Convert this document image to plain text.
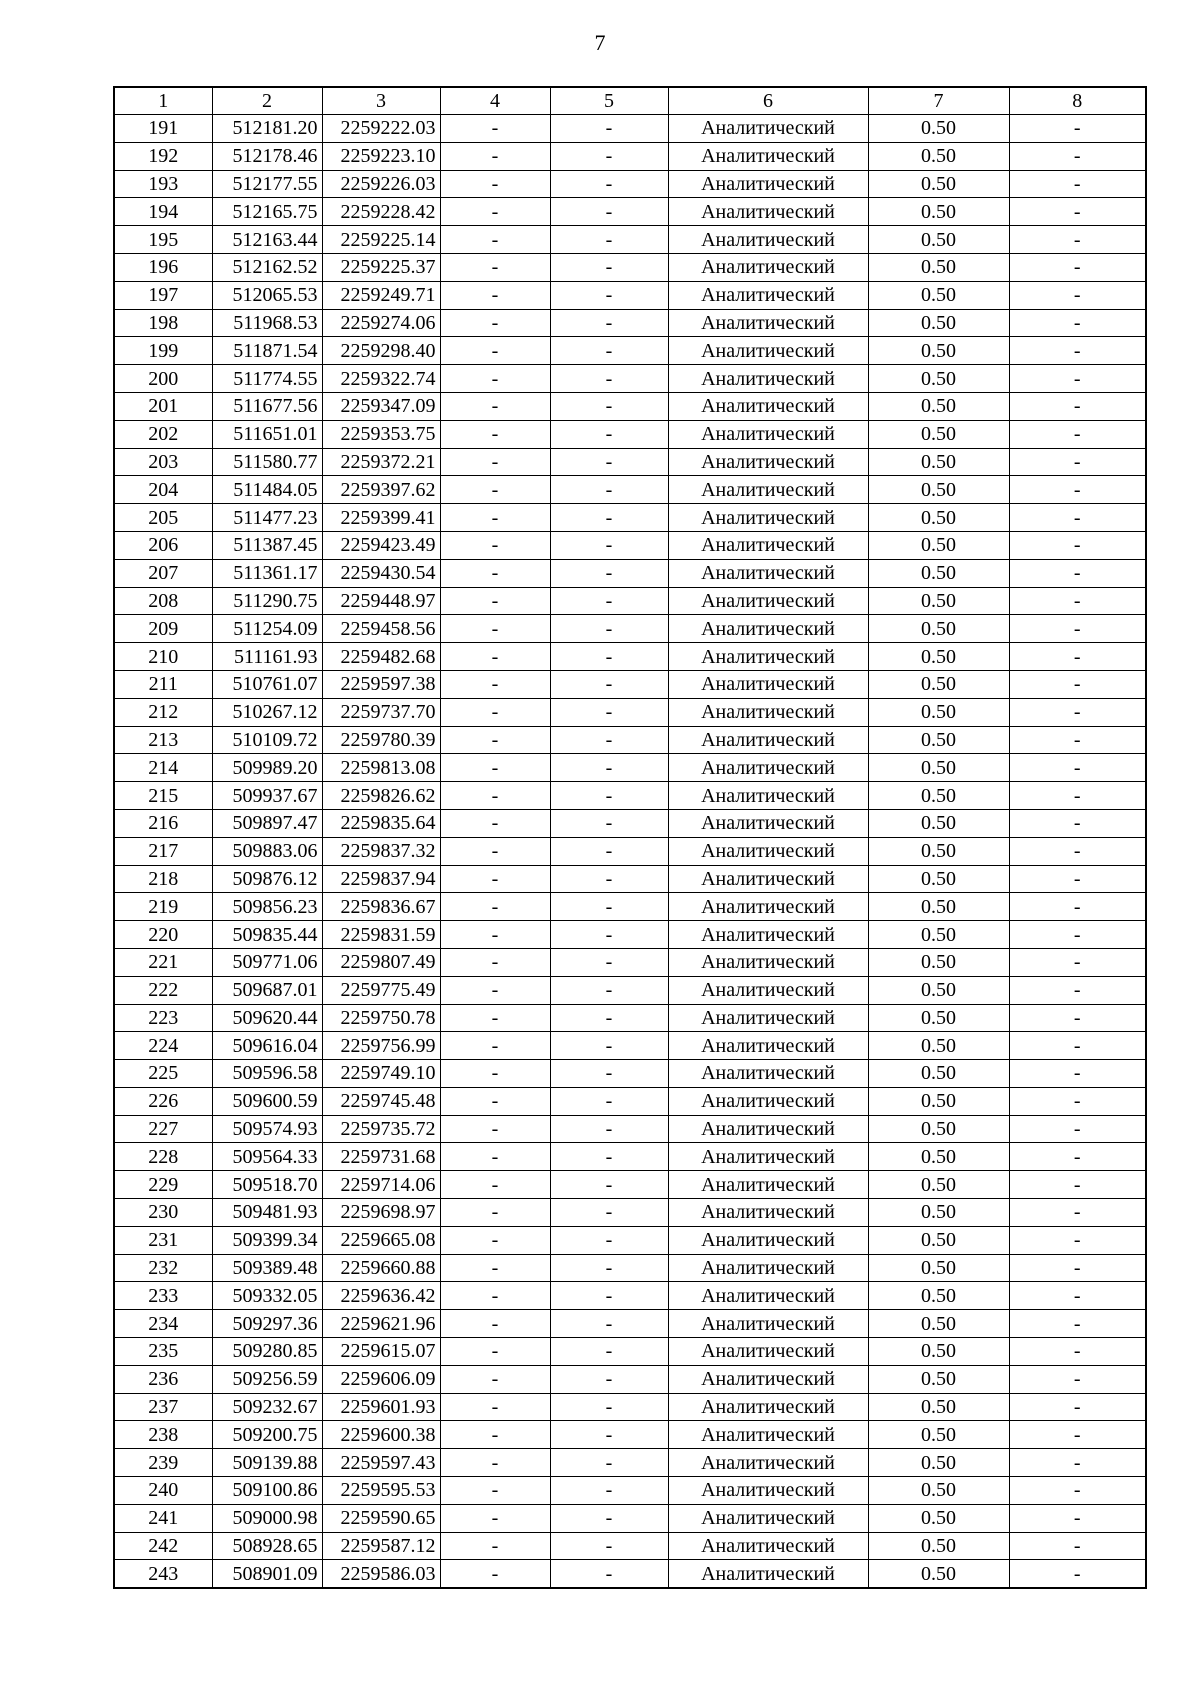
7
1	2	3	4	5	6	7	8
191	512181.20	2259222.03	-	-	Аналитический	0.50	-
192	512178.46	2259223.10	-	-	Аналитический	0.50	-
193	512177.55	2259226.03	-	-	Аналитический	0.50	-
194	512165.75	2259228.42	-	-	Аналитический	0.50	-
195	512163.44	2259225.14	-	-	Аналитический	0.50	-
196	512162.52	2259225.37	-	-	Аналитический	0.50	-
197	512065.53	2259249.71	-	-	Аналитический	0.50	-
198	511968.53	2259274.06	-	-	Аналитический	0.50	-
199	511871.54	2259298.40	-	-	Аналитический	0.50	-
200	511774.55	2259322.74	-	-	Аналитический	0.50	-
201	511677.56	2259347.09	-	-	Аналитический	0.50	-
202	511651.01	2259353.75	-	-	Аналитический	0.50	-
203	511580.77	2259372.21	-	-	Аналитический	0.50	-
204	511484.05	2259397.62	-	-	Аналитический	0.50	-
205	511477.23	2259399.41	-	-	Аналитический	0.50	-
206	511387.45	2259423.49	-	-	Аналитический	0.50	-
207	511361.17	2259430.54	-	-	Аналитический	0.50	-
208	511290.75	2259448.97	-	-	Аналитический	0.50	-
209	511254.09	2259458.56	-	-	Аналитический	0.50	-
210	511161.93	2259482.68	-	-	Аналитический	0.50	-
211	510761.07	2259597.38	-	-	Аналитический	0.50	-
212	510267.12	2259737.70	-	-	Аналитический	0.50	-
213	510109.72	2259780.39	-	-	Аналитический	0.50	-
214	509989.20	2259813.08	-	-	Аналитический	0.50	-
215	509937.67	2259826.62	-	-	Аналитический	0.50	-
216	509897.47	2259835.64	-	-	Аналитический	0.50	-
217	509883.06	2259837.32	-	-	Аналитический	0.50	-
218	509876.12	2259837.94	-	-	Аналитический	0.50	-
219	509856.23	2259836.67	-	-	Аналитический	0.50	-
220	509835.44	2259831.59	-	-	Аналитический	0.50	-
221	509771.06	2259807.49	-	-	Аналитический	0.50	-
222	509687.01	2259775.49	-	-	Аналитический	0.50	-
223	509620.44	2259750.78	-	-	Аналитический	0.50	-
224	509616.04	2259756.99	-	-	Аналитический	0.50	-
225	509596.58	2259749.10	-	-	Аналитический	0.50	-
226	509600.59	2259745.48	-	-	Аналитический	0.50	-
227	509574.93	2259735.72	-	-	Аналитический	0.50	-
228	509564.33	2259731.68	-	-	Аналитический	0.50	-
229	509518.70	2259714.06	-	-	Аналитический	0.50	-
230	509481.93	2259698.97	-	-	Аналитический	0.50	-
231	509399.34	2259665.08	-	-	Аналитический	0.50	-
232	509389.48	2259660.88	-	-	Аналитический	0.50	-
233	509332.05	2259636.42	-	-	Аналитический	0.50	-
234	509297.36	2259621.96	-	-	Аналитический	0.50	-
235	509280.85	2259615.07	-	-	Аналитический	0.50	-
236	509256.59	2259606.09	-	-	Аналитический	0.50	-
237	509232.67	2259601.93	-	-	Аналитический	0.50	-
238	509200.75	2259600.38	-	-	Аналитический	0.50	-
239	509139.88	2259597.43	-	-	Аналитический	0.50	-
240	509100.86	2259595.53	-	-	Аналитический	0.50	-
241	509000.98	2259590.65	-	-	Аналитический	0.50	-
242	508928.65	2259587.12	-	-	Аналитический	0.50	-
243	508901.09	2259586.03	-	-	Аналитический	0.50	-
